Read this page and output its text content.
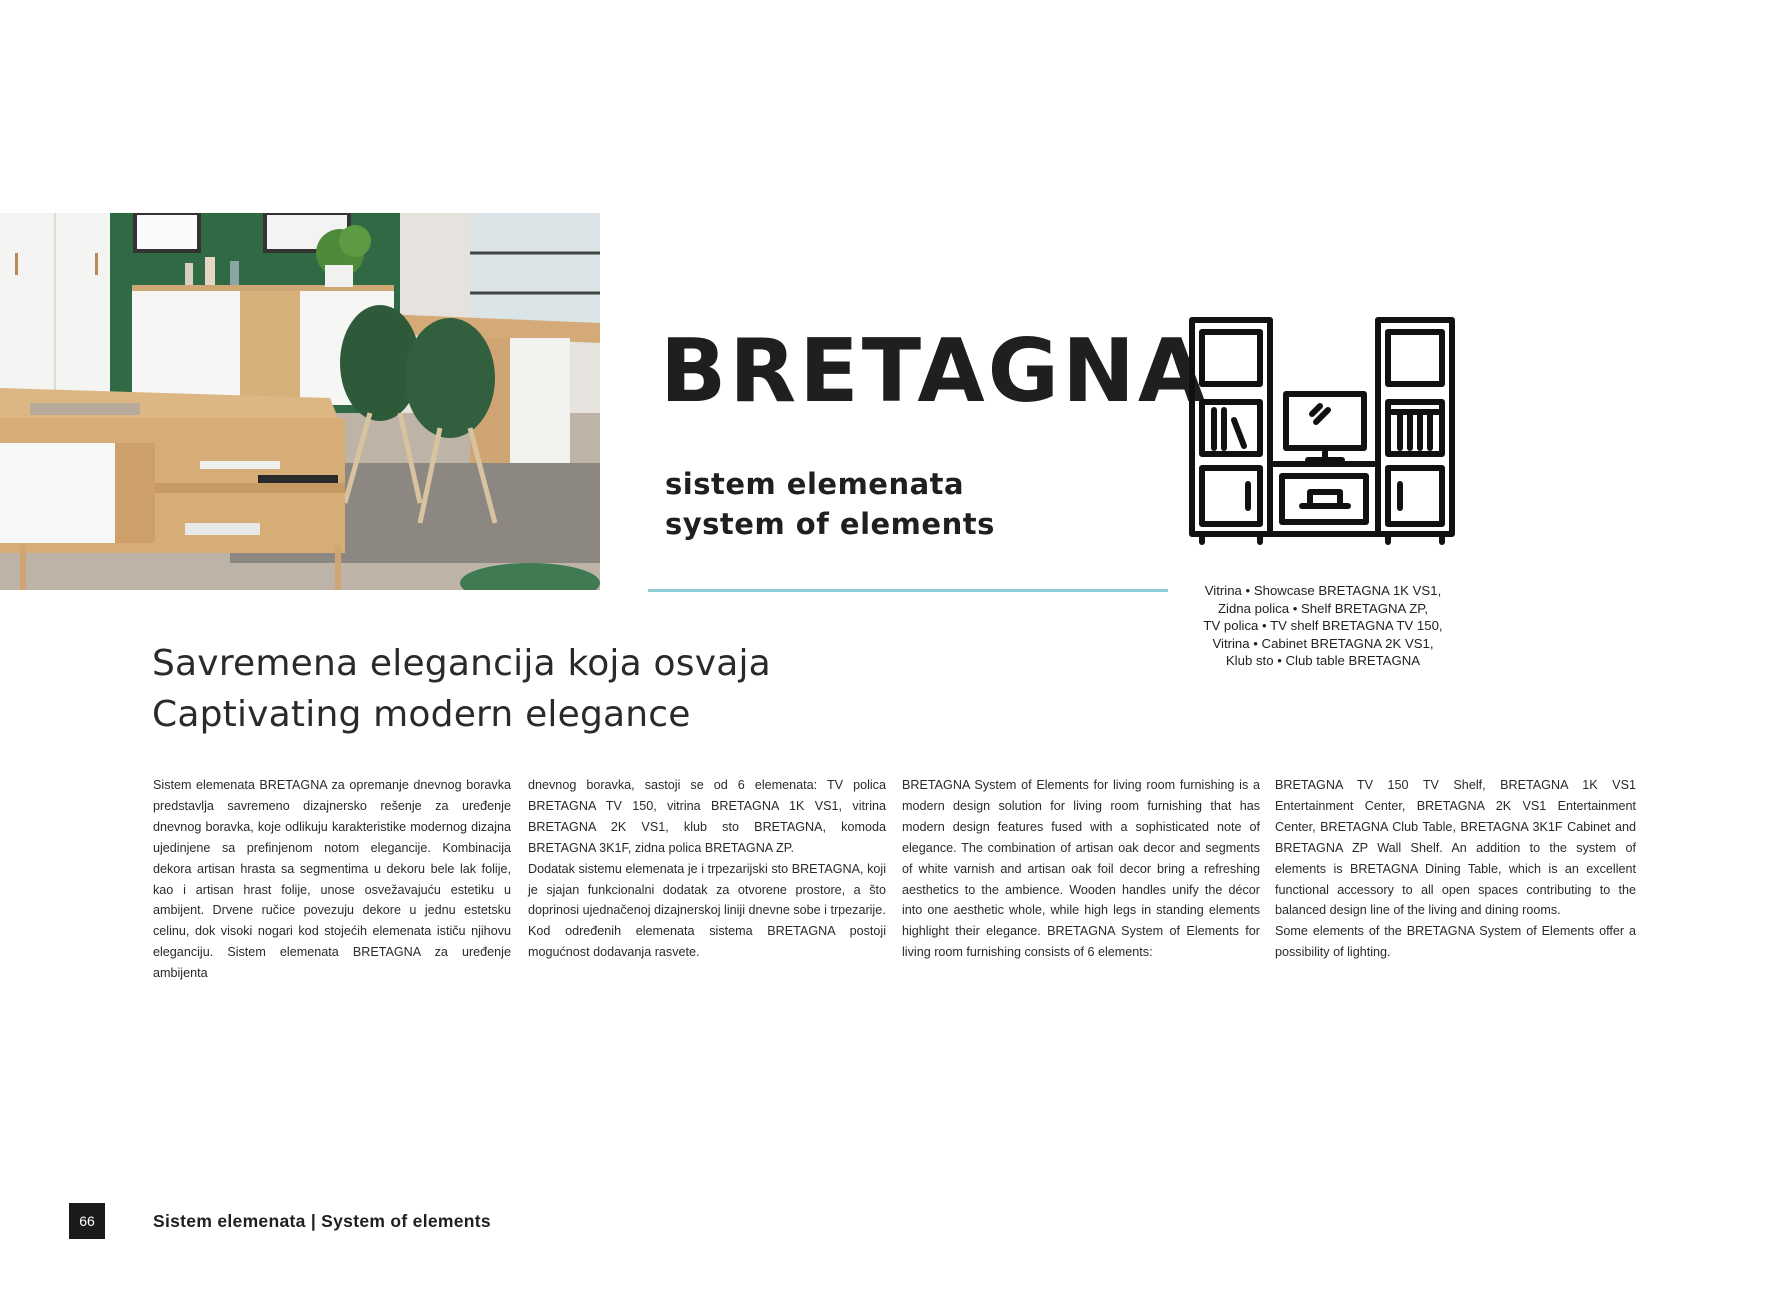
BRETAGNA
sistem elemenata
system of elements
Vitrina • Showcase BRETAGNA 1K VS1,
Zidna polica • Shelf BRETAGNA ZP,
TV polica • TV shelf BRETAGNA TV 150,
Vitrina • Cabinet BRETAGNA 2K VS1,
Klub sto • Club table BRETAGNA
Savremena elegancija koja osvaja
Captivating modern elegance

Sistem elemenata BRETAGNA za opremanje dnevnog boravka predstavlja savremeno dizajnersko rešenje za uređenje dnevnog boravka, koje odlikuju karakteristike modernog dizajna ujedinjene sa prefinjenom notom elegancije. Kombinacija dekora artisan hrasta sa segmentima u dekoru bele lak folije, kao i artisan hrast folije, unose osvežavajuću estetiku u ambijent. Drvene ručice povezuju dekore u jednu estetsku celinu, dok visoki nogari kod stojećih elemenata ističu njihovu eleganciju. Sistem elemenata BRETAGNA za uređenje ambijenta

dnevnog boravka, sastoji se od 6 elemenata: TV polica BRETAGNA TV 150, vitrina BRETAGNA 1K VS1, vitrina BRETAGNA 2K VS1, klub sto BRETAGNA, komoda BRETAGNA 3K1F, zidna polica BRETAGNA ZP.

Dodatak sistemu elemenata je i trpezarijski sto BRETAGNA, koji je sjajan funkcionalni dodatak za otvorene prostore, a što doprinosi ujednačenoj dizajnerskoj liniji dnevne sobe i trpezarije.

Kod određenih elemenata sistema BRETAGNA postoji mogućnost dodavanja rasvete.

BRETAGNA System of Elements for living room furnishing is a modern design solution for living room furnishing that has modern design features fused with a sophisticated note of elegance. The combination of artisan oak decor and segments of white varnish and artisan oak foil decor bring a refreshing aesthetics to the ambience. Wooden handles unify the décor into one aesthetic whole, while high legs in standing elements highlight their elegance. BRETAGNA System of Elements for living room furnishing consists of 6 elements:

BRETAGNA TV 150 TV Shelf, BRETAGNA 1K VS1 Entertainment Center, BRETAGNA 2K VS1 Entertainment Center, BRETAGNA Club Table, BRETAGNA 3K1F Cabinet and BRETAGNA ZP Wall Shelf. An addition to the system of elements is BRETAGNA Dining Table, which is an excellent functional accessory to all open spaces contributing to the balanced design line of the living and dining rooms.

Some elements of the BRETAGNA System of Elements offer a possibility of lighting.

66	Sistem elemenata | System of elements
